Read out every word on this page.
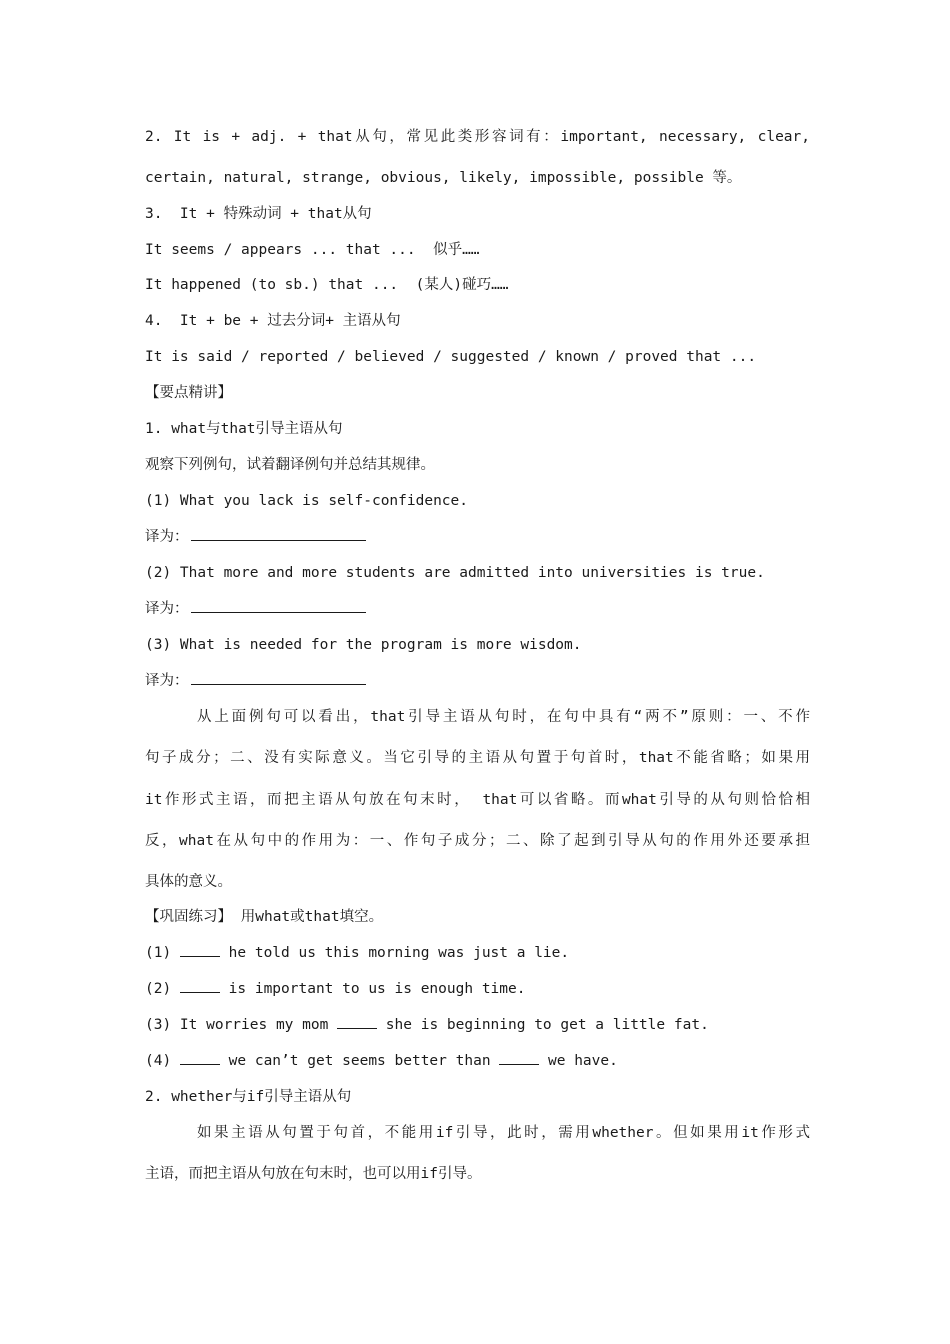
2. It is + adj. + that从句，常见此类形容词有：important, necessary, clear,
certain, natural, strange, obvious, likely, impossible, possible 等。
3.  It + 特殊动词 + that从句
It seems / appears ... that ...  似乎……
It happened (to sb.) that ...  (某人)碰巧……
4.  It + be + 过去分词+ 主语从句
It is said / reported / believed / suggested / known / proved that ...
【要点精讲】
1. what与that引导主语从句
观察下列例句，试着翻译例句并总结其规律。
(1) What you lack is self-confidence.
译为：
(2) That more and more students are admitted into universities is true.
译为：
(3) What is needed for the program is more wisdom.
译为：
从上面例句可以看出，that引导主语从句时，在句中具有“两不”原则：一、不作
句子成分；二、没有实际意义。当它引导的主语从句置于句首时，that不能省略；如果用
it作形式主语，而把主语从句放在句末时， that可以省略。而what引导的从句则恰恰相
反，what在从句中的作用为：一、作句子成分；二、除了起到引导从句的作用外还要承担
具体的意义。
【巩固练习】 用what或that填空。
(1)	he told us this morning was just a lie.
(2)	is important to us is enough time.
(3) It worries my mom	she is beginning to get a little fat.
(4)	we can’t get seems better than	we have.
2. whether与if引导主语从句
如果主语从句置于句首，不能用if引导，此时，需用whether。但如果用it作形式
主语，而把主语从句放在句末时，也可以用if引导。
